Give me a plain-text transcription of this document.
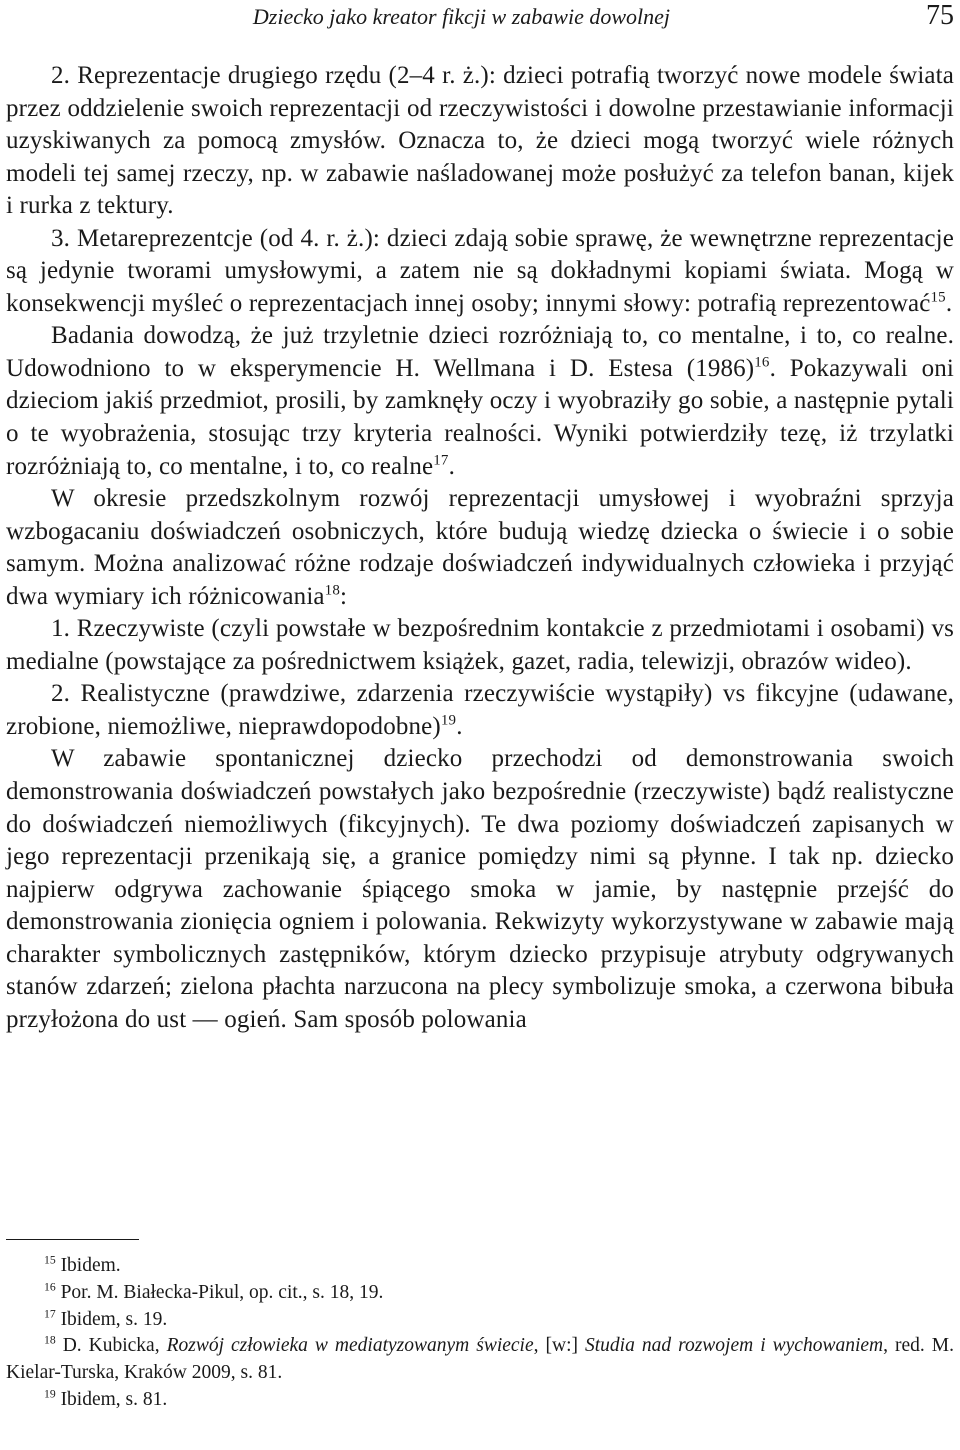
Dziecko jako kreator fikcji w zabawie dowolnej	75

2. Reprezentacje drugiego rzędu (2–4 r. ż.): dzieci potrafią tworzyć nowe modele świata przez oddzielenie swoich reprezentacji od rzeczywistości i dowolne przestawianie informacji uzyskiwanych za pomocą zmysłów. Oznacza to, że dzieci mogą tworzyć wiele różnych modeli tej samej rzeczy, np. w zabawie naśladowanej może posłużyć za telefon banan, kijek i rurka z tektury.

3. Metareprezentcje (od 4. r. ż.): dzieci zdają sobie sprawę, że wewnętrzne reprezentacje są jedynie tworami umysłowymi, a zatem nie są dokładnymi kopiami świata. Mogą w konsekwencji myśleć o reprezentacjach innej osoby; innymi słowy: potrafią reprezentować$^{15}$.

Badania dowodzą, że już trzyletnie dzieci rozróżniają to, co mentalne, i to, co realne. Udowodniono to w eksperymencie H. Wellmana i D. Estesa $(1986)^{16}$. Pokazywali oni dzieciom jakiś przedmiot, prosili, by zamknęły oczy i wyobraziły go sobie, a następnie pytali o te wyobrażenia, stosując trzy kryteria realności. Wyniki potwierdziły tezę, iż trzylatki rozróżniają to, co mentalne, i to, co realne$^{17}$.

W okresie przedszkolnym rozwój reprezentacji umysłowej i wyobraźni sprzyja wzbogacaniu doświadczeń osobniczych, które budują wiedzę dziecka o świecie i o sobie samym. Można analizować różne rodzaje doświadczeń indywidualnych człowieka i przyjąć dwa wymiary ich różnicowania$^{18}$:

1. Rzeczywiste (czyli powstałe w bezpośrednim kontakcie z przedmiotami i osobami) vs medialne (powstające za pośrednictwem książek, gazet, radia, telewizji, obrazów wideo).

2. Realistyczne (prawdziwe, zdarzenia rzeczywiście wystąpiły) vs fikcyjne (udawane, zrobione, niemożliwe, nieprawdopodobne)$^{19}$.

W zabawie spontanicznej dziecko przechodzi od demonstrowania swoich demonstrowania doświadczeń powstałych jako bezpośrednie (rzeczywiste) bądź realistyczne do doświadczeń niemożliwych (fikcyjnych). Te dwa poziomy doświadczeń zapisanych w jego reprezentacji przenikają się, a granice pomiędzy nimi są płynne. I tak np. dziecko najpierw odgrywa zachowanie śpiącego smoka w jamie, by następnie przejść do demonstrowania zionięcia ogniem i polowania. Rekwizyty wykorzystywane w zabawie mają charakter symbolicznych zastępników, którym dziecko przypisuje atrybuty odgrywanych stanów zdarzeń; zielona płachta narzucona na plecy symbolizuje smoka, a czerwona bibuła przyłożona do ust — ogień. Sam sposób polowania

$^{15}$ Ibidem.

$^{16}$ Por. M. Białecka-Pikul, op. cit., s. 18, 19.

$^{17}$ Ibidem, s. 19.

$^{18}$ D. Kubicka, Rozwój człowieka w mediatyzowanym świecie, [w:] Studia nad rozwojem i wychowaniem, red. M. Kielar-Turska, Kraków 2009, s. 81.

$^{19}$ Ibidem, s. 81.
